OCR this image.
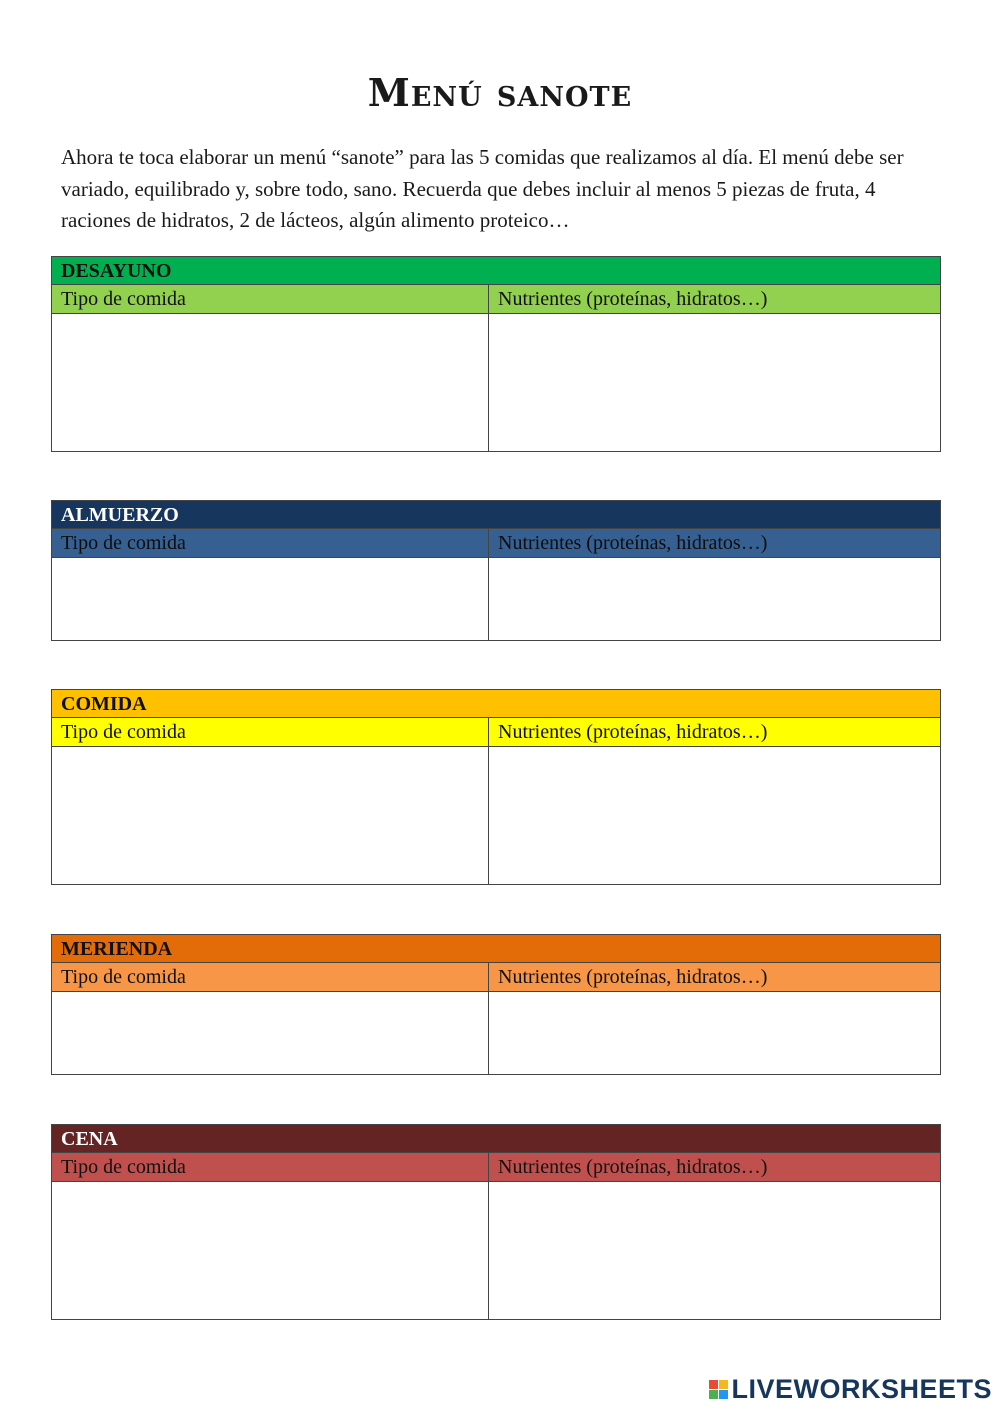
Menú sanote
Ahora te toca elaborar un menú “sanote” para las 5 comidas que realizamos al día. El menú debe ser variado, equilibrado y, sobre todo, sano. Recuerda que debes incluir al menos 5 piezas de fruta, 4 raciones de hidratos, 2 de lácteos, algún alimento proteico…
DESAYUNO
Tipo de comida	Nutrientes (proteínas, hidratos…)
ALMUERZO
Tipo de comida	Nutrientes (proteínas, hidratos…)
COMIDA
Tipo de comida	Nutrientes (proteínas, hidratos…)
MERIENDA
Tipo de comida	Nutrientes (proteínas, hidratos…)
CENA
Tipo de comida	Nutrientes (proteínas, hidratos…)
LIVEWORKSHEETS
